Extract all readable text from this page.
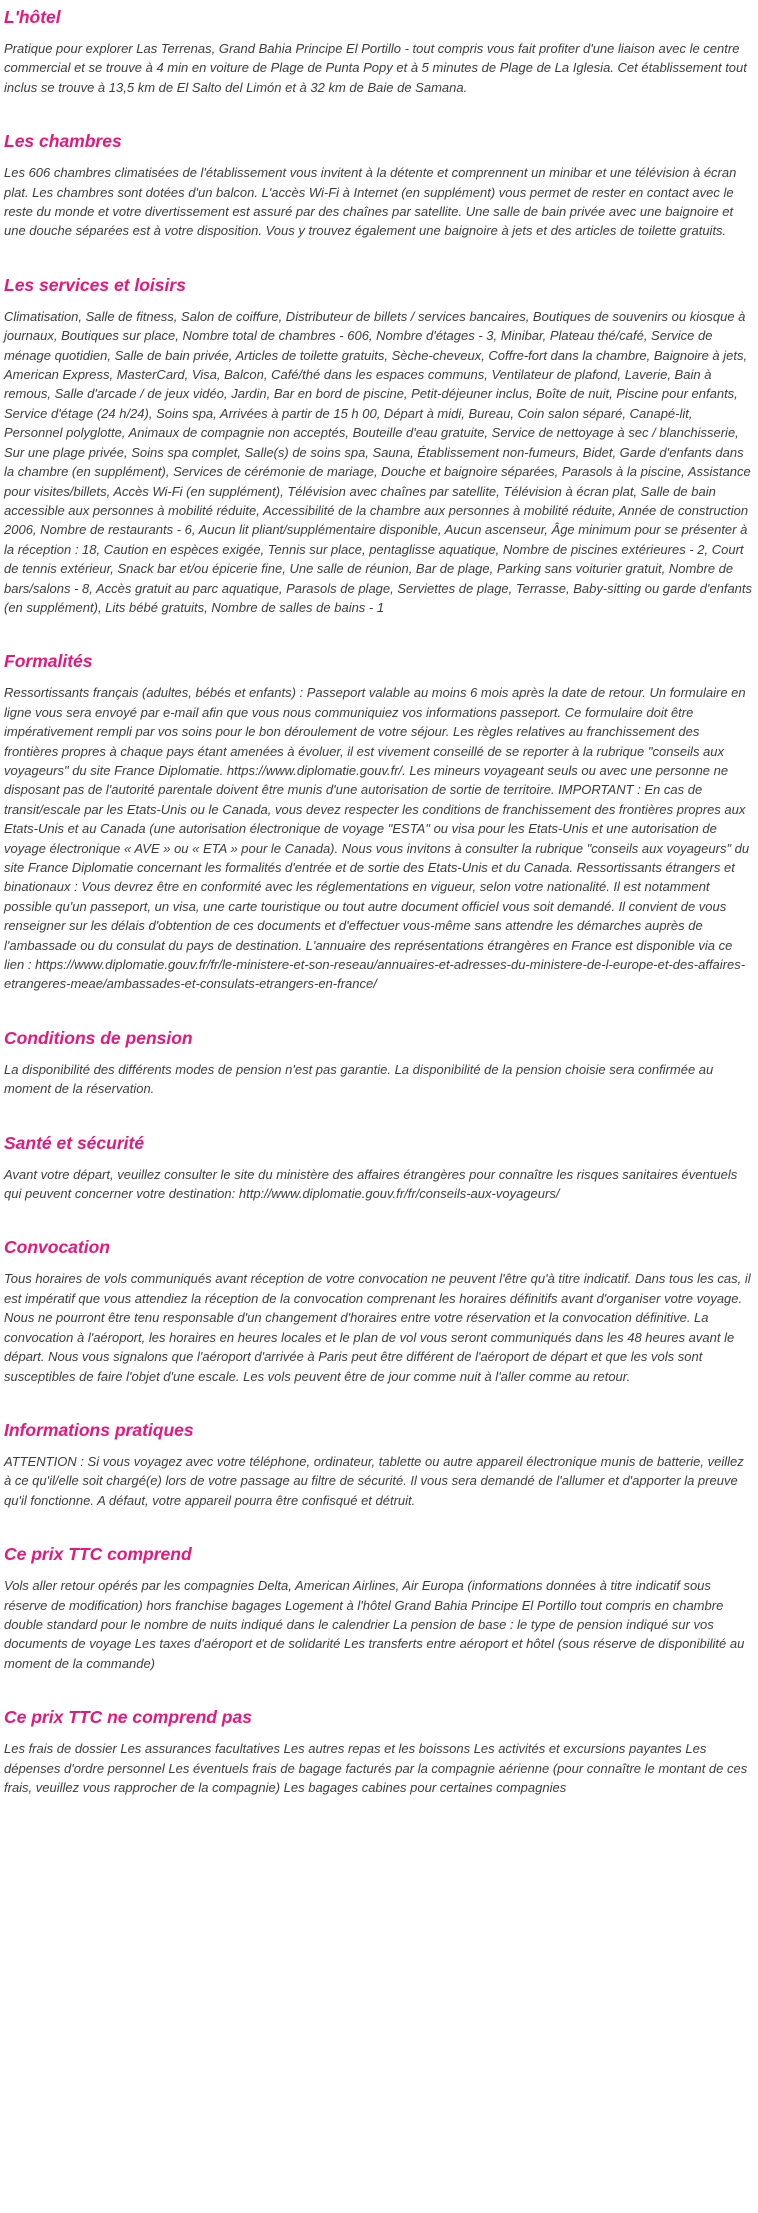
L'hôtel

Pratique pour explorer Las Terrenas, Grand Bahia Principe El Portillo - tout compris vous fait profiter d'une liaison avec le centre commercial et se trouve à 4 min en voiture de Plage de Punta Popy et à 5 minutes de Plage de La Iglesia. Cet établissement tout inclus se trouve à 13,5 km de El Salto del Limón et à 32 km de Baie de Samana.

Les chambres

Les 606 chambres climatisées de l'établissement vous invitent à la détente et comprennent un minibar et une télévision à écran plat. Les chambres sont dotées d'un balcon. L'accès Wi-Fi à Internet (en supplément) vous permet de rester en contact avec le reste du monde et votre divertissement est assuré par des chaînes par satellite. Une salle de bain privée avec une baignoire et une douche séparées est à votre disposition. Vous y trouvez également une baignoire à jets et des articles de toilette gratuits.

Les services et loisirs

Climatisation, Salle de fitness, Salon de coiffure, Distributeur de billets / services bancaires, Boutiques de souvenirs ou kiosque à journaux, Boutiques sur place, Nombre total de chambres - 606, Nombre d'étages - 3, Minibar, Plateau thé/café, Service de ménage quotidien, Salle de bain privée, Articles de toilette gratuits, Sèche-cheveux, Coffre-fort dans la chambre, Baignoire à jets, American Express, MasterCard, Visa, Balcon, Café/thé dans les espaces communs, Ventilateur de plafond, Laverie, Bain à remous, Salle d'arcade / de jeux vidéo, Jardin, Bar en bord de piscine, Petit-déjeuner inclus, Boîte de nuit, Piscine pour enfants, Service d'étage (24 h/24), Soins spa, Arrivées à partir de 15 h 00, Départ à midi, Bureau, Coin salon séparé, Canapé-lit, Personnel polyglotte, Animaux de compagnie non acceptés, Bouteille d'eau gratuite, Service de nettoyage à sec / blanchisserie, Sur une plage privée, Soins spa complet, Salle(s) de soins spa, Sauna, Établissement non-fumeurs, Bidet, Garde d'enfants dans la chambre (en supplément), Services de cérémonie de mariage, Douche et baignoire séparées, Parasols à la piscine, Assistance pour visites/billets, Accès Wi-Fi (en supplément), Télévision avec chaînes par satellite, Télévision à écran plat, Salle de bain accessible aux personnes à mobilité réduite, Accessibilité de la chambre aux personnes à mobilité réduite, Année de construction 2006, Nombre de restaurants - 6, Aucun lit pliant/supplémentaire disponible, Aucun ascenseur, Âge minimum pour se présenter à la réception : 18, Caution en espèces exigée, Tennis sur place, pentaglisse aquatique, Nombre de piscines extérieures - 2, Court de tennis extérieur, Snack bar et/ou épicerie fine, Une salle de réunion, Bar de plage, Parking sans voiturier gratuit, Nombre de bars/salons - 8, Accès gratuit au parc aquatique, Parasols de plage, Serviettes de plage, Terrasse, Baby-sitting ou garde d'enfants (en supplément), Lits bébé gratuits, Nombre de salles de bains - 1

Formalités

Ressortissants français (adultes, bébés et enfants) : Passeport valable au moins 6 mois après la date de retour. Un formulaire en ligne vous sera envoyé par e-mail afin que vous nous communiquiez vos informations passeport. Ce formulaire doit être impérativement rempli par vos soins pour le bon déroulement de votre séjour. Les règles relatives au franchissement des frontières propres à chaque pays étant amenées à évoluer, il est vivement conseillé de se reporter à la rubrique "conseils aux voyageurs" du site France Diplomatie. https://www.diplomatie.gouv.fr/. Les mineurs voyageant seuls ou avec une personne ne disposant pas de l'autorité parentale doivent être munis d'une autorisation de sortie de territoire. IMPORTANT : En cas de transit/escale par les Etats-Unis ou le Canada, vous devez respecter les conditions de franchissement des frontières propres aux Etats-Unis et au Canada (une autorisation électronique de voyage "ESTA" ou visa pour les Etats-Unis et une autorisation de voyage électronique « AVE » ou « ETA » pour le Canada). Nous vous invitons à consulter la rubrique "conseils aux voyageurs" du site France Diplomatie concernant les formalités d'entrée et de sortie des Etats-Unis et du Canada. Ressortissants étrangers et binationaux : Vous devrez être en conformité avec les réglementations en vigueur, selon votre nationalité. Il est notamment possible qu'un passeport, un visa, une carte touristique ou tout autre document officiel vous soit demandé. Il convient de vous renseigner sur les délais d'obtention de ces documents et d'effectuer vous-même sans attendre les démarches auprès de l'ambassade ou du consulat du pays de destination. L'annuaire des représentations étrangères en France est disponible via ce lien : https://www.diplomatie.gouv.fr/fr/le-ministere-et-son-reseau/annuaires-et-adresses-du-ministere-de-l-europe-et-des-affaires-etrangeres-meae/ambassades-et-consulats-etrangers-en-france/

Conditions de pension

La disponibilité des différents modes de pension n'est pas garantie. La disponibilité de la pension choisie sera confirmée au moment de la réservation.

Santé et sécurité

Avant votre départ, veuillez consulter le site du ministère des affaires étrangères pour connaître les risques sanitaires éventuels qui peuvent concerner votre destination: http://www.diplomatie.gouv.fr/fr/conseils-aux-voyageurs/

Convocation

Tous horaires de vols communiqués avant réception de votre convocation ne peuvent l'être qu'à titre indicatif. Dans tous les cas, il est impératif que vous attendiez la réception de la convocation comprenant les horaires définitifs avant d'organiser votre voyage. Nous ne pourront être tenu responsable d'un changement d'horaires entre votre réservation et la convocation définitive. La convocation à l'aéroport, les horaires en heures locales et le plan de vol vous seront communiqués dans les 48 heures avant le départ. Nous vous signalons que l'aéroport d'arrivée à Paris peut être différent de l'aéroport de départ et que les vols sont susceptibles de faire l'objet d'une escale. Les vols peuvent être de jour comme nuit à l'aller comme au retour.

Informations pratiques

ATTENTION : Si vous voyagez avec votre téléphone, ordinateur, tablette ou autre appareil électronique munis de batterie, veillez à ce qu'il/elle soit chargé(e) lors de votre passage au filtre de sécurité. Il vous sera demandé de l'allumer et d'apporter la preuve qu'il fonctionne. A défaut, votre appareil pourra être confisqué et détruit.

Ce prix TTC comprend

Vols aller retour opérés par les compagnies Delta, American Airlines, Air Europa (informations données à titre indicatif sous réserve de modification) hors franchise bagages Logement à l'hôtel Grand Bahia Principe El Portillo tout compris en chambre double standard pour le nombre de nuits indiqué dans le calendrier La pension de base : le type de pension indiqué sur vos documents de voyage Les taxes d'aéroport et de solidarité Les transferts entre aéroport et hôtel (sous réserve de disponibilité au moment de la commande)

Ce prix TTC ne comprend pas

Les frais de dossier Les assurances facultatives Les autres repas et les boissons Les activités et excursions payantes Les dépenses d'ordre personnel Les éventuels frais de bagage facturés par la compagnie aérienne (pour connaître le montant de ces frais, veuillez vous rapprocher de la compagnie) Les bagages cabines pour certaines compagnies
